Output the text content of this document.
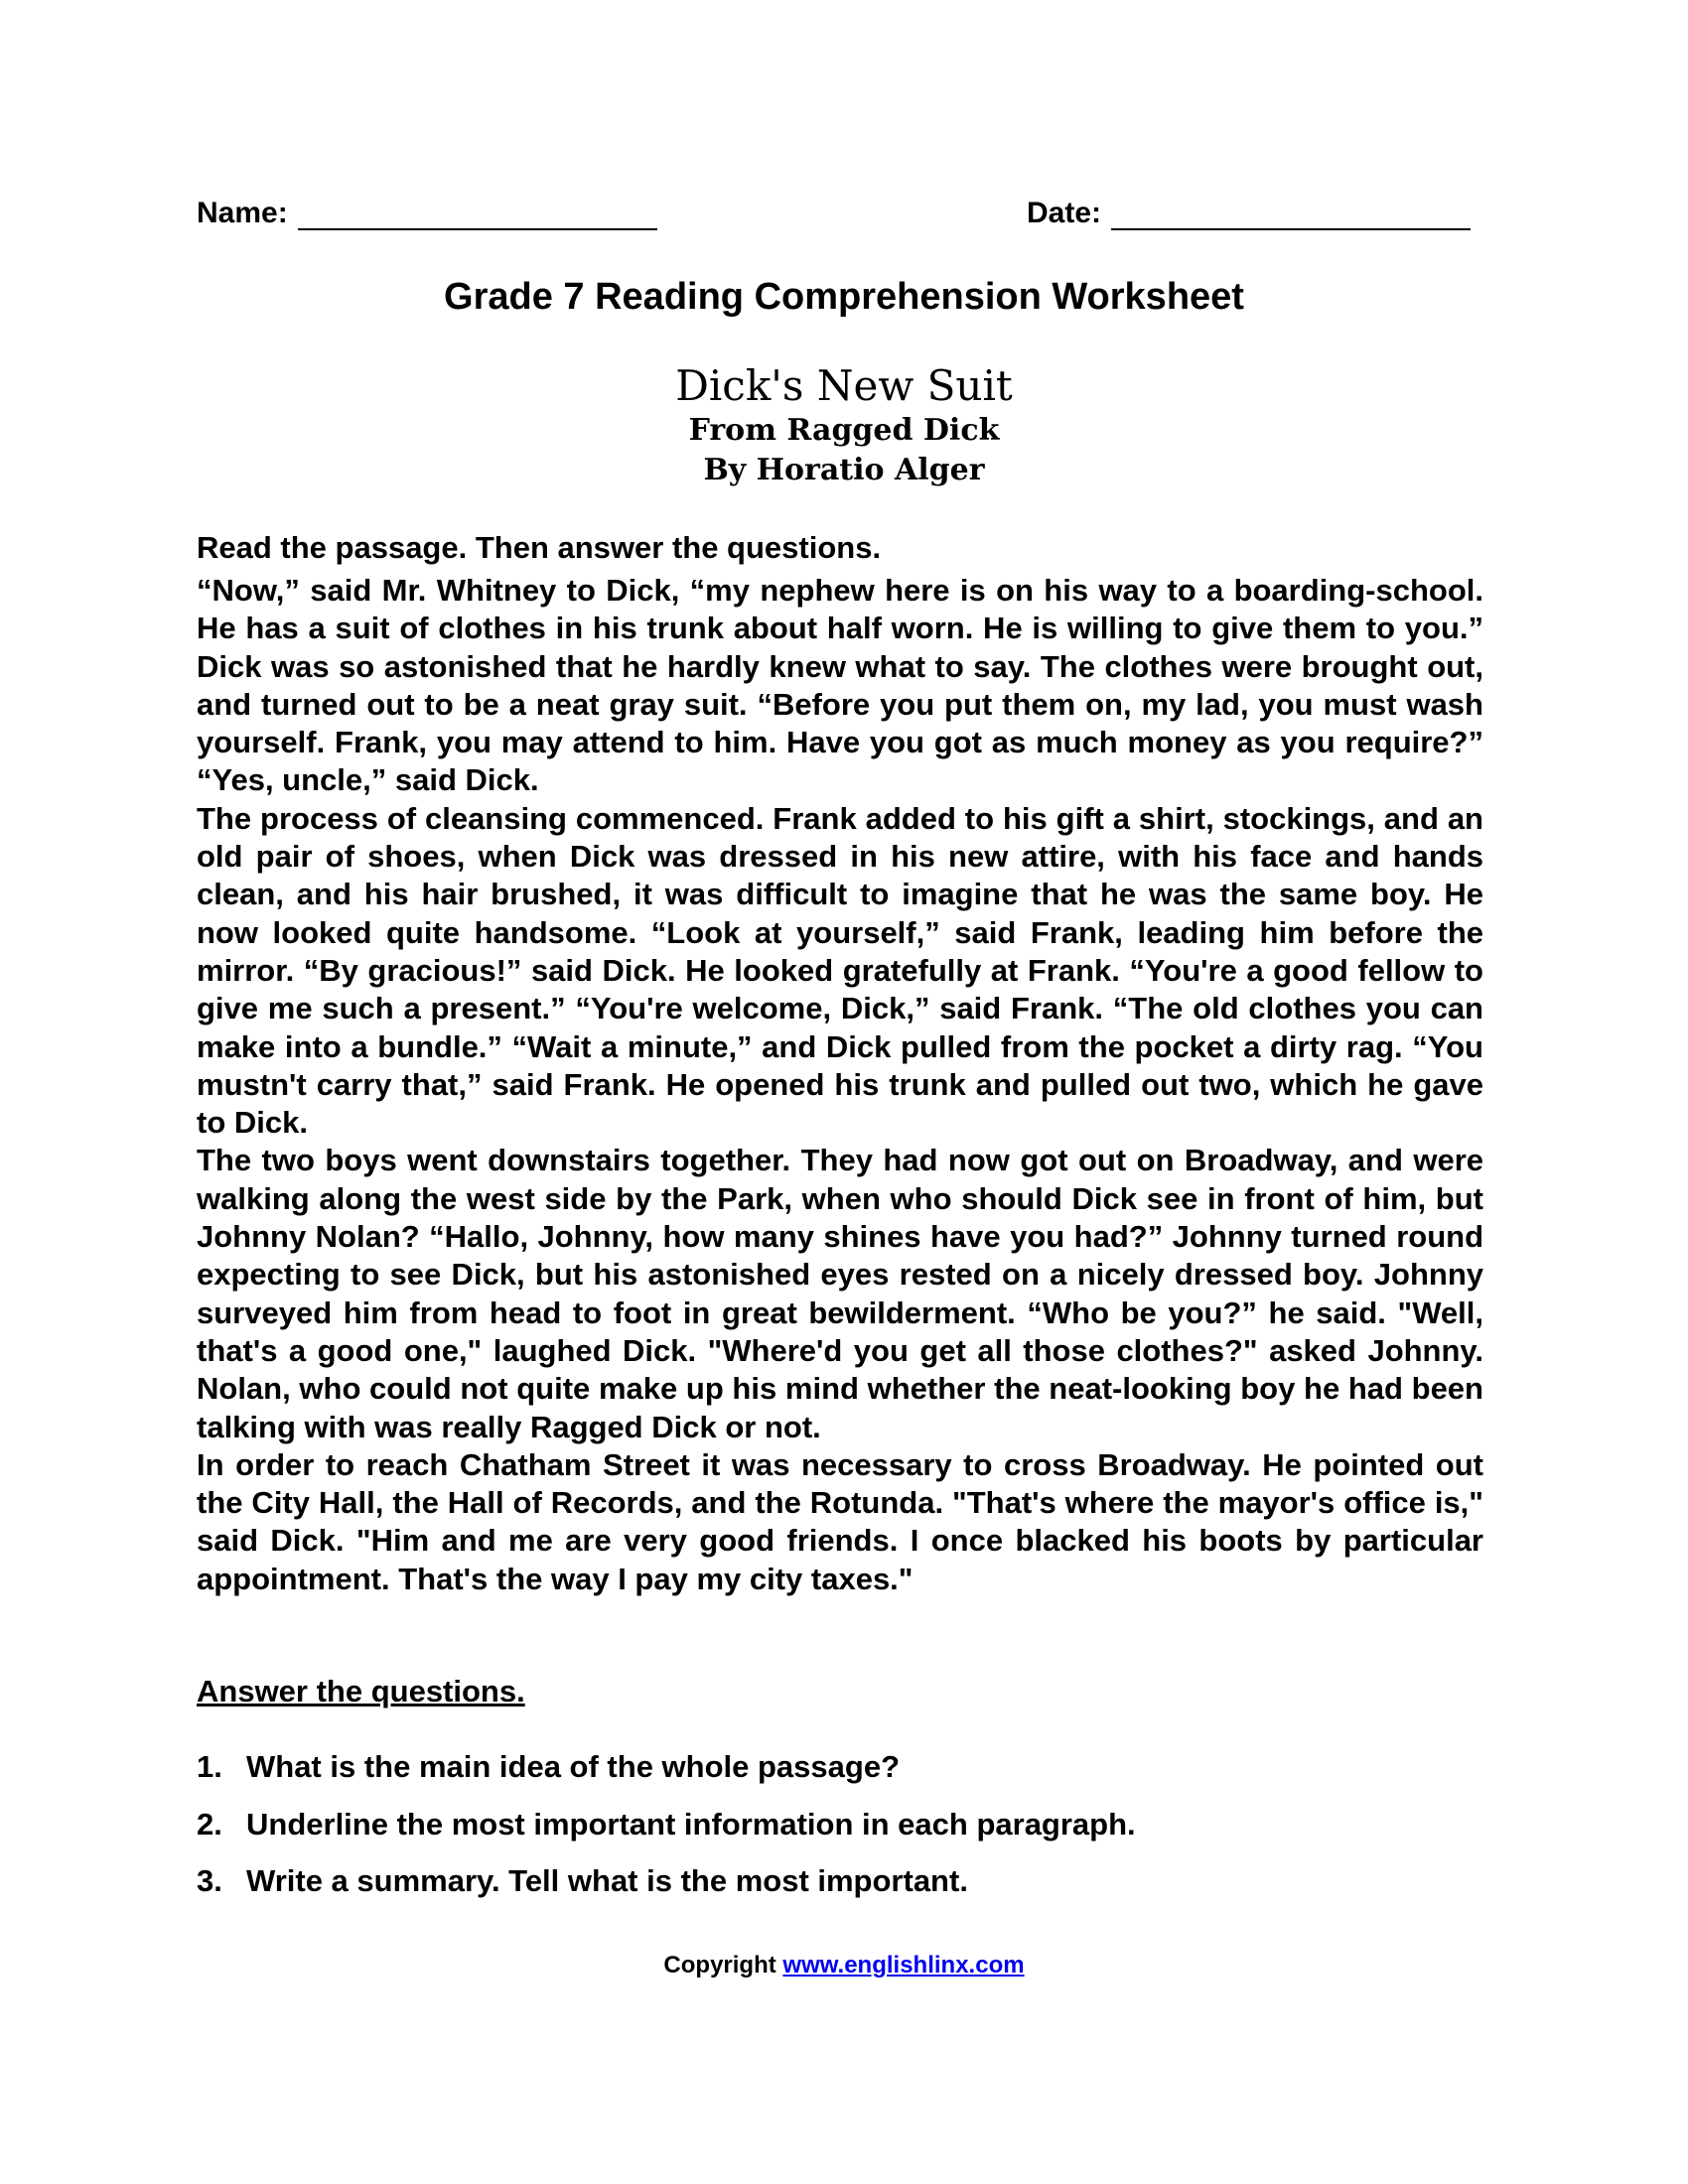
Name:	Date:
Grade 7 Reading Comprehension Worksheet
Dick's New Suit
From Ragged Dick
By Horatio Alger
Read the passage. Then answer the questions.

“Now,” said Mr. Whitney to Dick, “my nephew here is on his way to a boarding-school. He has a suit of clothes in his trunk about half worn. He is willing to give them to you.” Dick was so astonished that he hardly knew what to say. The clothes were brought out, and turned out to be a neat gray suit. “Before you put them on, my lad, you must wash yourself. Frank, you may attend to him. Have you got as much money as you require?” “Yes, uncle,” said Dick.

The process of cleansing commenced. Frank added to his gift a shirt, stockings, and an old pair of shoes, when Dick was dressed in his new attire, with his face and hands clean, and his hair brushed, it was difficult to imagine that he was the same boy. He now looked quite handsome. “Look at yourself,” said Frank, leading him before the mirror. “By gracious!” said Dick. He looked gratefully at Frank. “You're a good fellow to give me such a present.” “You're welcome, Dick,” said Frank. “The old clothes you can make into a bundle.” “Wait a minute,” and Dick pulled from the pocket a dirty rag. “You mustn't carry that,” said Frank. He opened his trunk and pulled out two, which he gave to Dick.

The two boys went downstairs together. They had now got out on Broadway, and were walking along the west side by the Park, when who should Dick see in front of him, but Johnny Nolan? “Hallo, Johnny, how many shines have you had?” Johnny turned round expecting to see Dick, but his astonished eyes rested on a nicely dressed boy. Johnny surveyed him from head to foot in great bewilderment. “Who be you?” he said. "Well, that's a good one," laughed Dick. "Where'd you get all those clothes?" asked Johnny. Nolan, who could not quite make up his mind whether the neat-looking boy he had been talking with was really Ragged Dick or not.

In order to reach Chatham Street it was necessary to cross Broadway. He pointed out the City Hall, the Hall of Records, and the Rotunda. "That's where the mayor's office is," said Dick. "Him and me are very good friends. I once blacked his boots by particular appointment. That's the way I pay my city taxes."

Answer the questions.
1. What is the main idea of the whole passage?
2. Underline the most important information in each paragraph.
3. Write a summary. Tell what is the most important.
Copyright www.englishlinx.com
